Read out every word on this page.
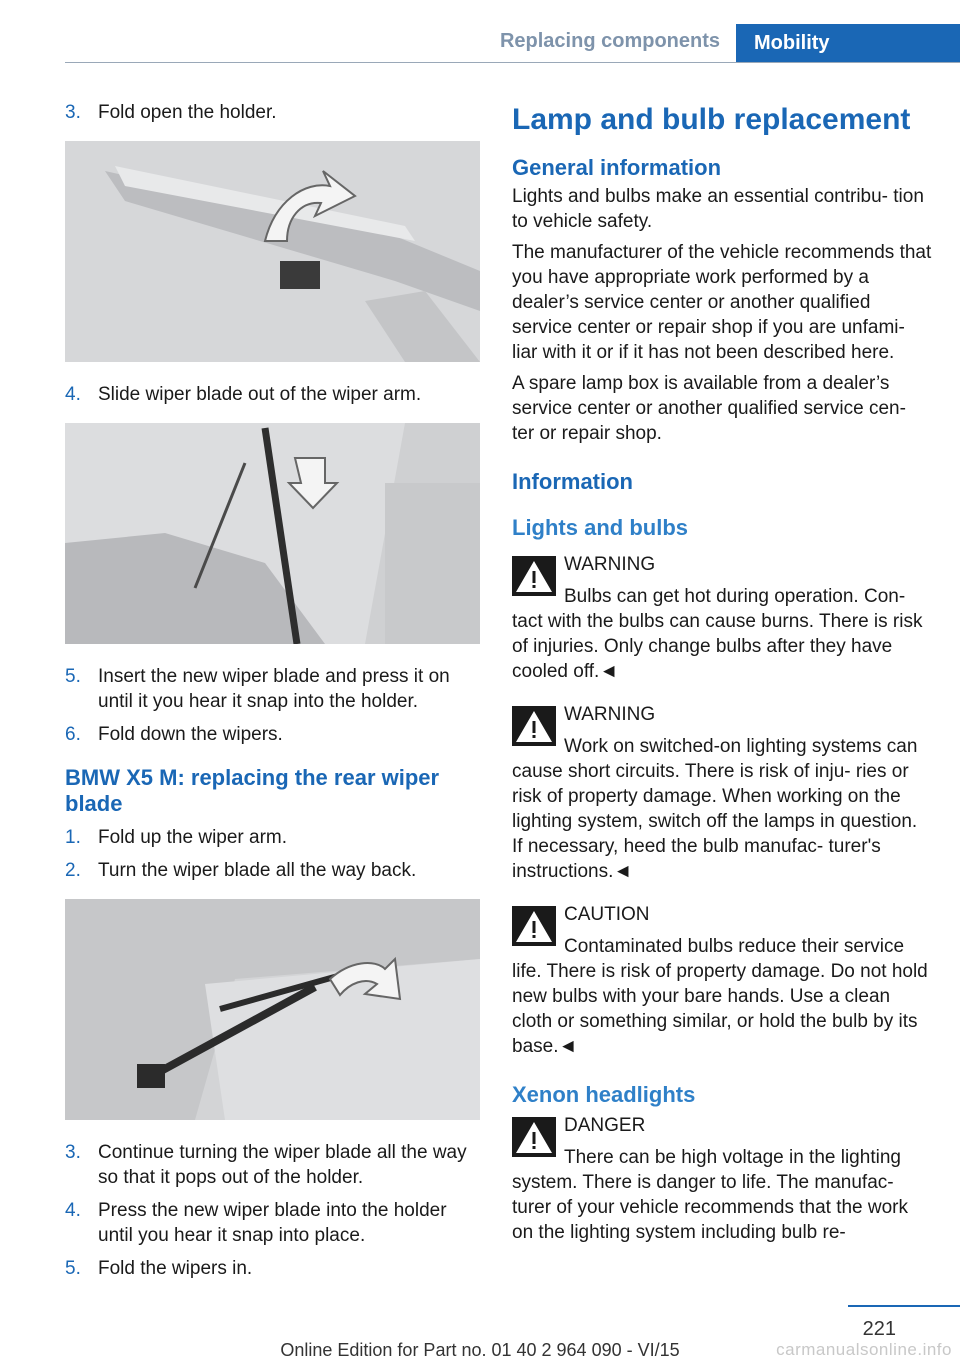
Replacing components	Mobility
3. Fold open the holder.
4. Slide wiper blade out of the wiper arm.
5. Insert the new wiper blade and press it on until it you hear it snap into the holder.
6. Fold down the wipers.
BMW X5 M: replacing the rear wiper blade
1. Fold up the wiper arm.
2. Turn the wiper blade all the way back.
3. Continue turning the wiper blade all the way so that it pops out of the holder.
4. Press the new wiper blade into the holder until you hear it snap into place.
5. Fold the wipers in.
Lamp and bulb replacement
General information
Lights and bulbs make an essential contribu- tion to vehicle safety.
The manufacturer of the vehicle recommends that you have appropriate work performed by a dealer’s service center or another qualified service center or repair shop if you are unfami- liar with it or if it has not been described here.
A spare lamp box is available from a dealer’s service center or another qualified service cen- ter or repair shop.
Information
Lights and bulbs
WARNING
Bulbs can get hot during operation. Con- tact with the bulbs can cause burns. There is risk of injuries. Only change bulbs after they have cooled off.◄
WARNING
Work on switched-on lighting systems can cause short circuits. There is risk of inju- ries or risk of property damage. When working on the lighting system, switch off the lamps in question. If necessary, heed the bulb manufac- turer's instructions.◄
CAUTION
Contaminated bulbs reduce their service life. There is risk of property damage. Do not hold new bulbs with your bare hands. Use a clean cloth or something similar, or hold the bulb by its base.◄
Xenon headlights
DANGER
There can be high voltage in the lighting system. There is danger to life. The manufac- turer of your vehicle recommends that the work on the lighting system including bulb re-
221
Online Edition for Part no. 01 40 2 964 090 - VI/15	carmanualsonline.info
